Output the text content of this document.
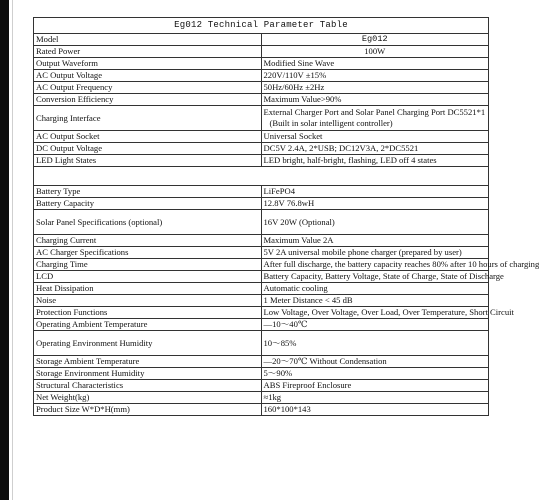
Eg012 Technical Parameter Table	
Model	Eg012
Rated Power	100W
Output Waveform	Modified Sine Wave
AC Output Voltage	220V/110V ±15%
AC Output Frequency	50Hz/60Hz ±2Hz
Conversion Efficiency	Maximum Value>90%
Charging Interface	External Charger Port and Solar Panel Charging Port DC5521*1
(Built in solar intelligent controller)

AC Output Socket	Universal Socket
DC Output Voltage	DC5V 2.4A, 2*USB; DC12V3A, 2*DC5521
LED Light States	LED bright, half-bright, flashing, LED off 4 states

Battery Type	LiFePO4
Battery Capacity	12.8V 76.8wH
Solar Panel Specifications (optional)	16V 20W (Optional)
Charging Current	Maximum Value 2A
AC Charger Specifications	5V 2A universal mobile phone charger (prepared by user)
Charging Time	After full discharge, the battery capacity reaches 80% after 10 hours of charging
LCD	Battery Capacity, Battery Voltage, State of Charge, State of Discharge
Heat Dissipation	Automatic cooling
Noise	1 Meter Distance < 45 dB
Protection Functions	Low Voltage, Over Voltage, Over Load, Over Temperature, Short Circuit
Operating Ambient Temperature	—10～40℃
Operating Environment Humidity	10～85%
Storage Ambient Temperature	—20～70℃ Without Condensation
Storage Environment Humidity	5～90%
Structural Characteristics	ABS Fireproof Enclosure
Net Weight(kg)	≈1kg
Product Size W*D*H(mm)	160*100*143
